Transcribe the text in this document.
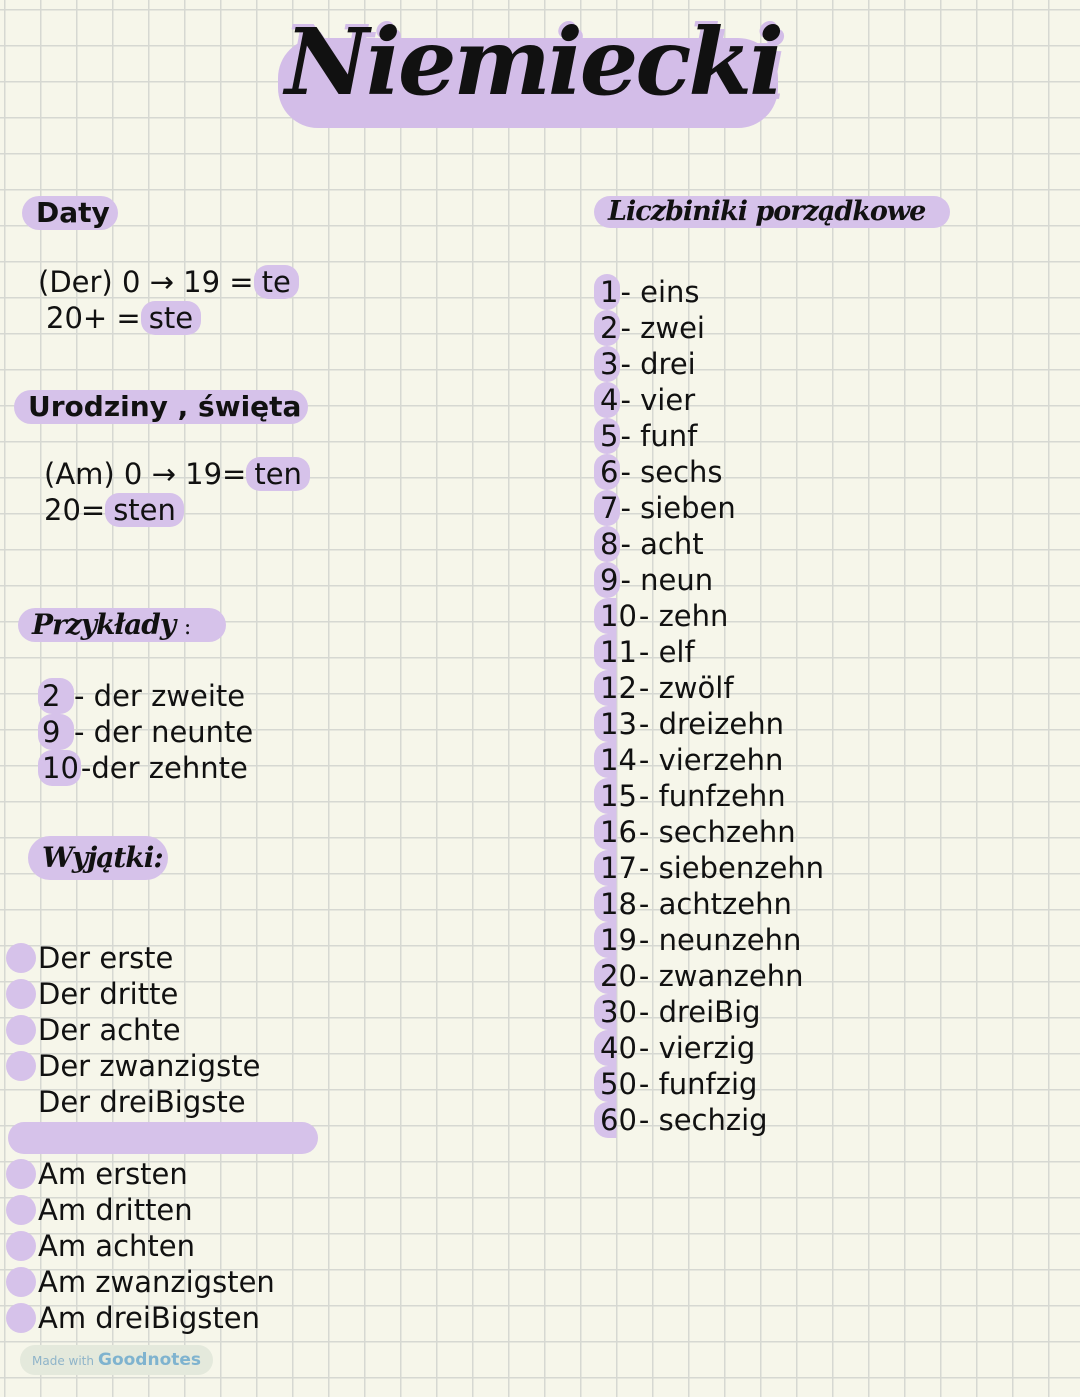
Niemiecki
Daty
(Der) 0 → 19 = te
20+ = ste
Urodziny , święta
(Am) 0 → 19= ten
20= sten
Przykłady :
2 - der zweite
9 - der neunte
10-der zehnte
Wyjątki:
Der erste
Der dritte
Der achte
Der zwanzigste
Der dreiBigste
Am ersten
Am dritten
Am achten
Am zwanzigsten
Am dreiBigsten
Liczbiniki porządkowe
1- eins
2- zwei
3- drei
4- vier
5- funf
6- sechs
7- sieben
8- acht
9- neun
10- zehn
11- elf
12- zwölf
13- dreizehn
14- vierzehn
15- funfzehn
16- sechzehn
17- siebenzehn
18- achtzehn
19- neunzehn
20- zwanzehn
30- dreiBig
40- vierzig
50- funfzig
60- sechzig
Made with Goodnotes
